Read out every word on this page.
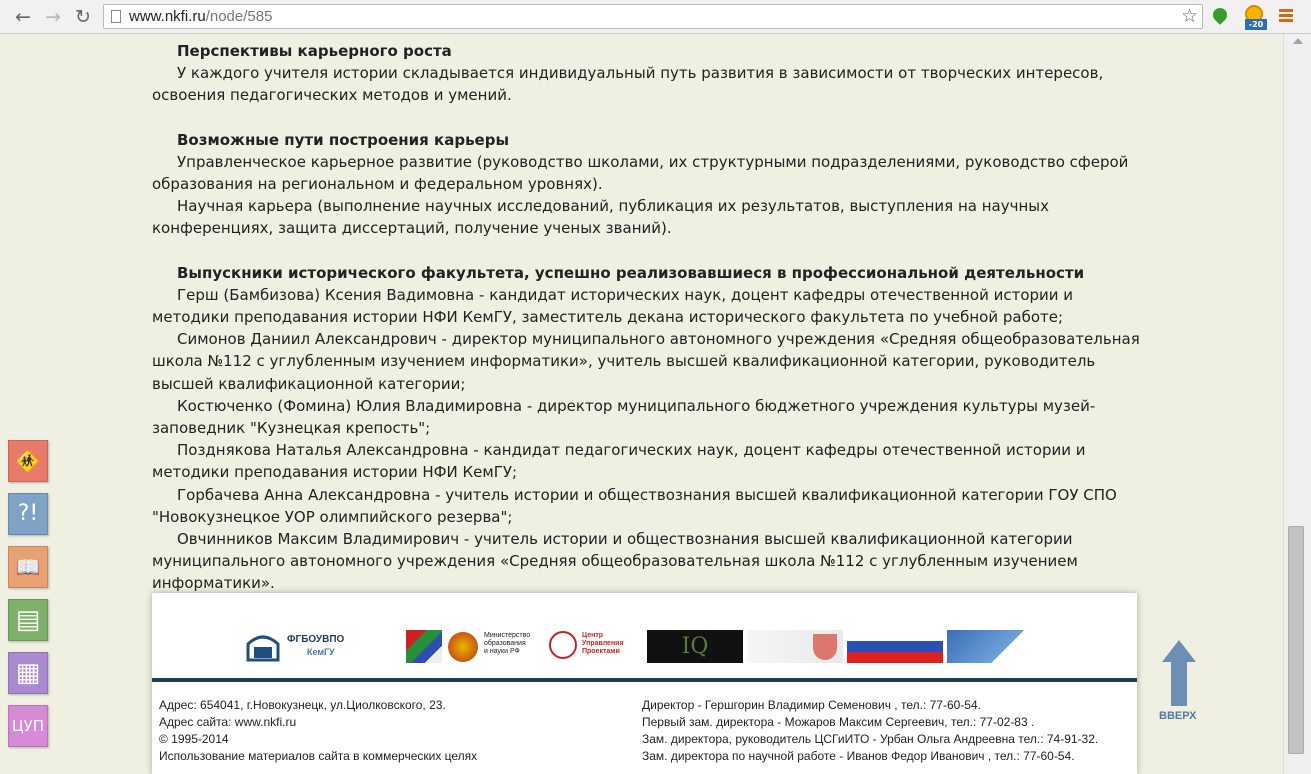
← → ↻	www.nkfi.ru/node/585	☆	-20
Перспективы карьерного роста

У каждого учителя истории складывается индивидуальный путь развития в зависимости от творческих интересов, освоения педагогических методов и умений.

Возможные пути построения карьеры

Управленческое карьерное развитие (руководство школами, их структурными подразделениями, руководство сферой образования на региональном и федеральном уровнях).

Научная карьера (выполнение научных исследований, публикация их результатов, выступления на научных конференциях, защита диссертаций, получение ученых званий).

Выпускники исторического факультета, успешно реализовавшиеся в профессиональной деятельности

Герш (Бамбизова) Ксения Вадимовна - кандидат исторических наук, доцент кафедры отечественной истории и методики преподавания истории НФИ КемГУ, заместитель декана исторического факультета по учебной работе;

Симонов Даниил Александрович - директор муниципального автономного учреждения «Средняя общеобразовательная школа №112 с углубленным изучением информатики», учитель высшей квалификационной категории, руководитель высшей квалификационной категории;

Костюченко (Фомина) Юлия Владимировна - директор муниципального бюджетного учреждения культуры музей-заповедник "Кузнецкая крепость";

Позднякова Наталья Александровна - кандидат педагогических наук, доцент кафедры отечественной истории и методики преподавания истории НФИ КемГУ;

Горбачева Анна Александровна - учитель истории и обществознания высшей квалификационной категории ГОУ СПО "Новокузнецкое УОР олимпийского резерва";

Овчинников Максим Владимирович - учитель истории и обществознания высшей квалификационной категории муниципального автономного учреждения «Средняя общеобразовательная школа №112 с углубленным изучением информатики».

ФГБОУВПО
КемГУ
Министерство
образования
и науки РФ
Центр
Управления
Проектами	IQ
Адрес: 654041, г.Новокузнецк, ул.Циолковского, 23.
Адрес сайта: www.nkfi.ru
© 1995-2014
Использование материалов сайта в коммерческих целях
Директор - Гершгорин Владимир Семенович , тел.: 77-60-54.
Первый зам. директора - Можаров Максим Сергеевич, тел.: 77-02-83 .
Зам. директора, руководитель ЦСГиИТО - Урбан Ольга Андреевна тел.: 74-91-32.
Зам. директора по научной работе - Иванов Федор Иванович , тел.: 77-60-54.
🚸
?!
📖
▤
▦
ЦУП
ВВЕРХ
